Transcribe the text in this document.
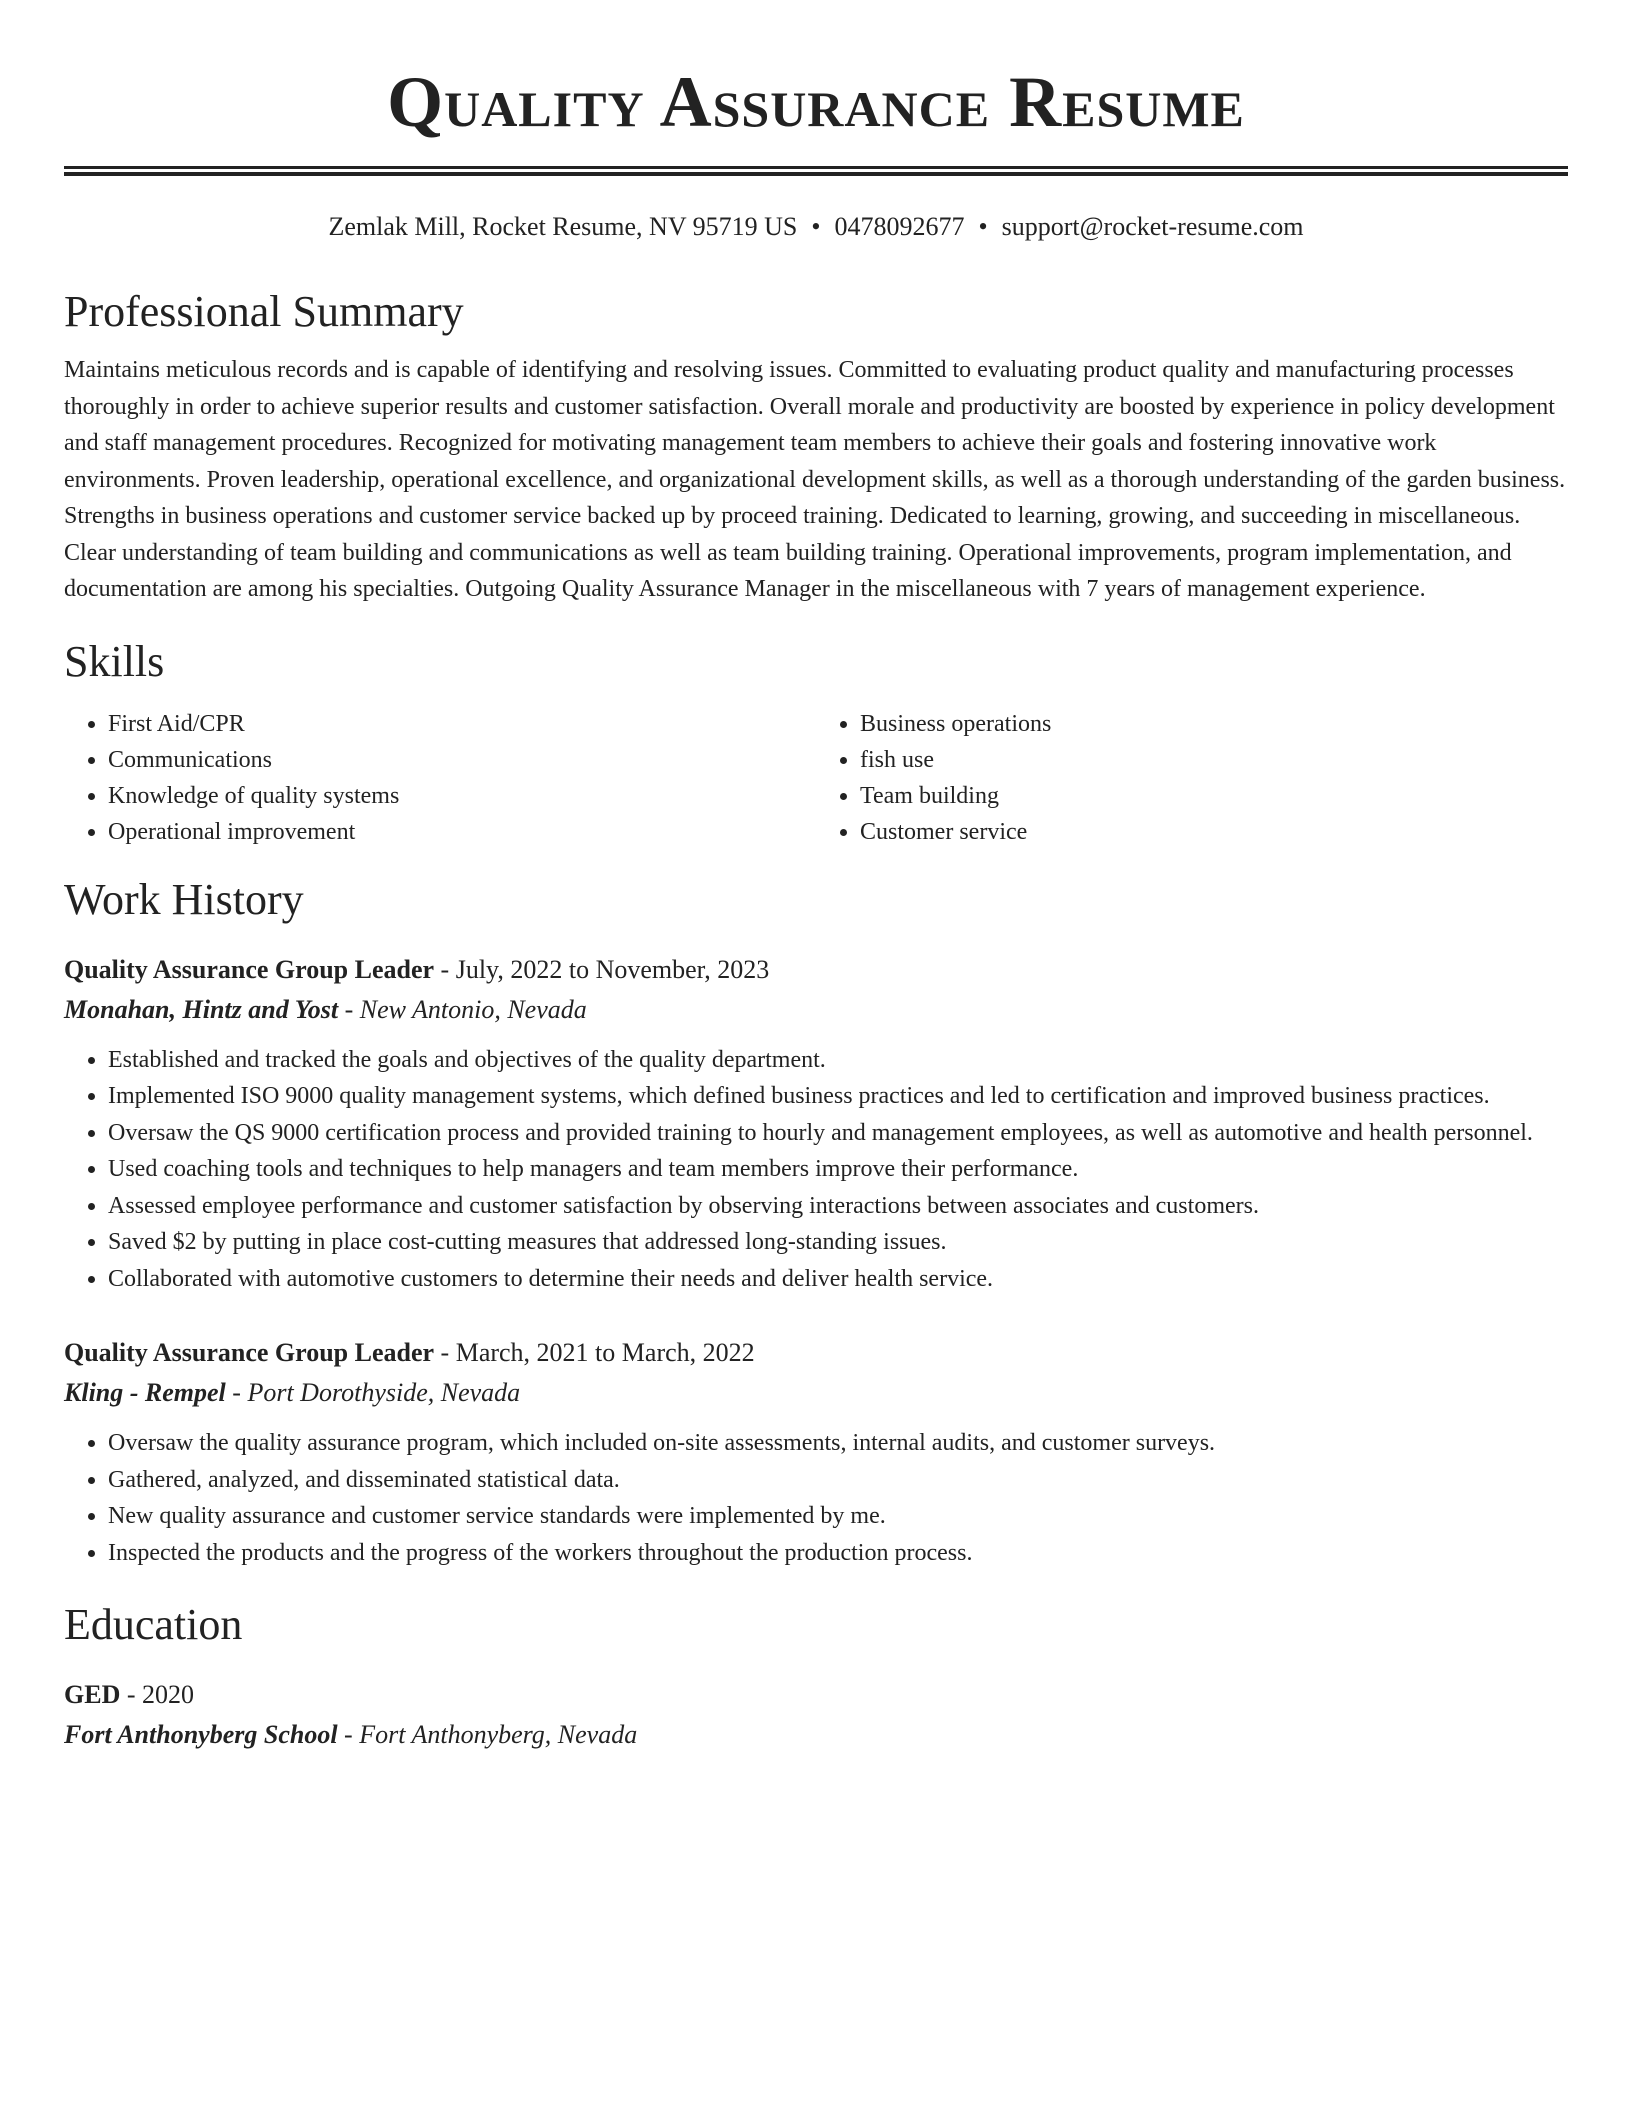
Quality Assurance Resume
Zemlak Mill, Rocket Resume, NV 95719 US • 0478092677 • support@rocket-resume.com
Professional Summary

Maintains meticulous records and is capable of identifying and resolving issues. Committed to evaluating product quality and manufacturing processes thoroughly in order to achieve superior results and customer satisfaction. Overall morale and productivity are boosted by experience in policy development and staff management procedures. Recognized for motivating management team members to achieve their goals and fostering innovative work environments. Proven leadership, operational excellence, and organizational development skills, as well as a thorough understanding of the garden business. Strengths in business operations and customer service backed up by proceed training. Dedicated to learning, growing, and succeeding in miscellaneous. Clear understanding of team building and communications as well as team building training. Operational improvements, program implementation, and documentation are among his specialties. Outgoing Quality Assurance Manager in the miscellaneous with 7 years of management experience.

Skills
• First Aid/CPR
• Communications
• Knowledge of quality systems
• Operational improvement
• Business operations
• fish use
• Team building
• Customer service
Work History
Quality Assurance Group Leader - July, 2022 to November, 2023
Monahan, Hintz and Yost - New Antonio, Nevada
• Established and tracked the goals and objectives of the quality department.
• Implemented ISO 9000 quality management systems, which defined business practices and led to certification and improved business practices.
• Oversaw the QS 9000 certification process and provided training to hourly and management employees, as well as automotive and health personnel.
• Used coaching tools and techniques to help managers and team members improve their performance.
• Assessed employee performance and customer satisfaction by observing interactions between associates and customers.
• Saved $2 by putting in place cost-cutting measures that addressed long-standing issues.
• Collaborated with automotive customers to determine their needs and deliver health service.
Quality Assurance Group Leader - March, 2021 to March, 2022
Kling - Rempel - Port Dorothyside, Nevada
• Oversaw the quality assurance program, which included on-site assessments, internal audits, and customer surveys.
• Gathered, analyzed, and disseminated statistical data.
• New quality assurance and customer service standards were implemented by me.
• Inspected the products and the progress of the workers throughout the production process.
Education
GED - 2020
Fort Anthonyberg School - Fort Anthonyberg, Nevada
